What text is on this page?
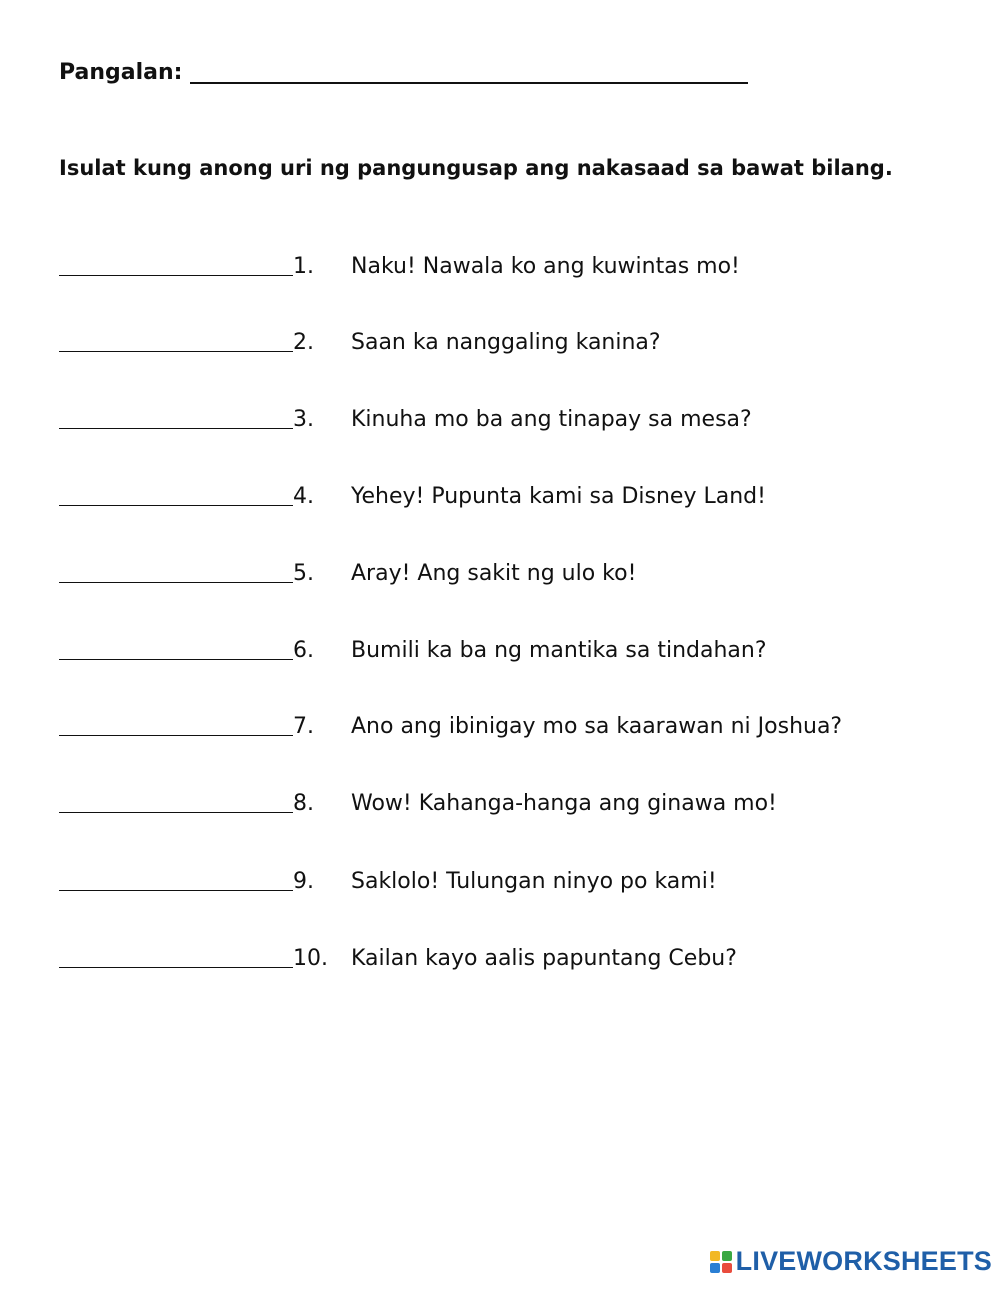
Pangalan:
Isulat kung anong uri ng pangungusap ang nakasaad sa bawat bilang.
1.	Naku! Nawala ko ang kuwintas mo!
2.	Saan ka nanggaling kanina?
3.	Kinuha mo ba ang tinapay sa mesa?
4.	Yehey! Pupunta kami sa Disney Land!
5.	Aray! Ang sakit ng ulo ko!
6.	Bumili ka ba ng mantika sa tindahan?
7.	Ano ang ibinigay mo sa kaarawan ni Joshua?
8.	Wow! Kahanga-hanga ang ginawa mo!
9.	Saklolo! Tulungan ninyo po kami!
10.	Kailan kayo aalis papuntang Cebu?
LIVEWORKSHEETS
